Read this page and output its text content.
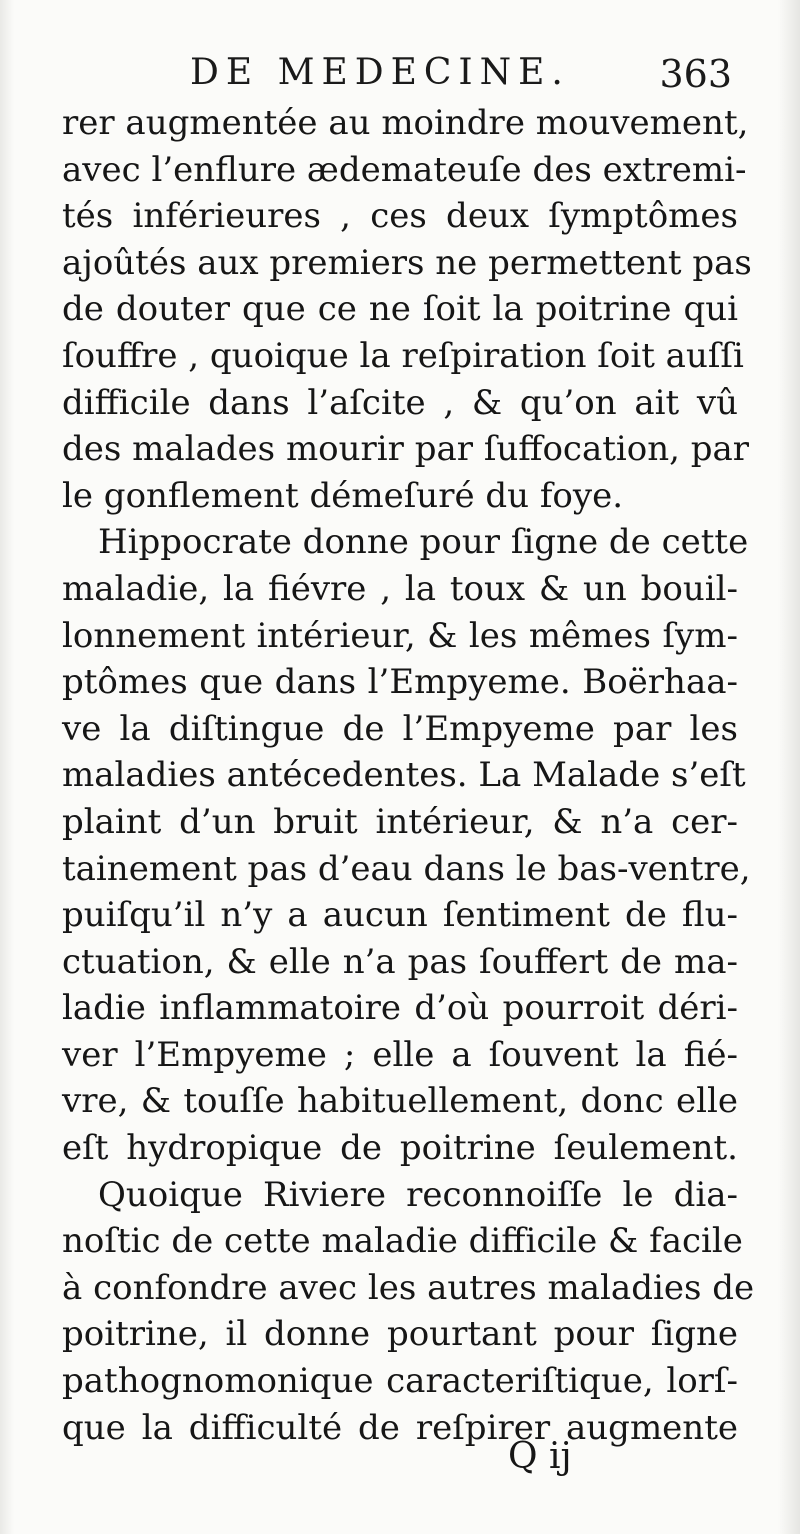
DE MEDECINE. 363
rer augmentée au moindre mouvement,
avec l’enflure ædemateuſe des extremi-
tés inférieures , ces deux ſymptômes
ajoûtés aux premiers ne permettent pas
de douter que ce ne ſoit la poitrine qui
ſouffre , quoique la reſpiration ſoit auſſi
difficile dans l’aſcite , & qu’on ait vû
des malades mourir par ſuffocation, par
le gonflement démeſuré du foye.
Hippocrate donne pour ſigne de cette
maladie, la fiévre , la toux & un bouil-
lonnement intérieur, & les mêmes ſym-
ptômes que dans l’Empyeme. Boërhaa-
ve la diſtingue de l’Empyeme par les
maladies antécedentes. La Malade s’eſt
plaint d’un bruit intérieur, & n’a cer-
tainement pas d’eau dans le bas-ventre,
puiſqu’il n’y a aucun ſentiment de flu-
ctuation, & elle n’a pas ſouffert de ma-
ladie inflammatoire d’où pourroit déri-
ver l’Empyeme ; elle a ſouvent la fié-
vre, & touſſe habituellement, donc elle
eſt hydropique de poitrine ſeulement.
Quoique Riviere reconnoiſſe le dia-
noſtic de cette maladie difficile & facile
à confondre avec les autres maladies de
poitrine, il donne pourtant pour ſigne
pathognomonique caracteriſtique, lorſ-
que la difficulté de reſpirer augmente
Q ij
